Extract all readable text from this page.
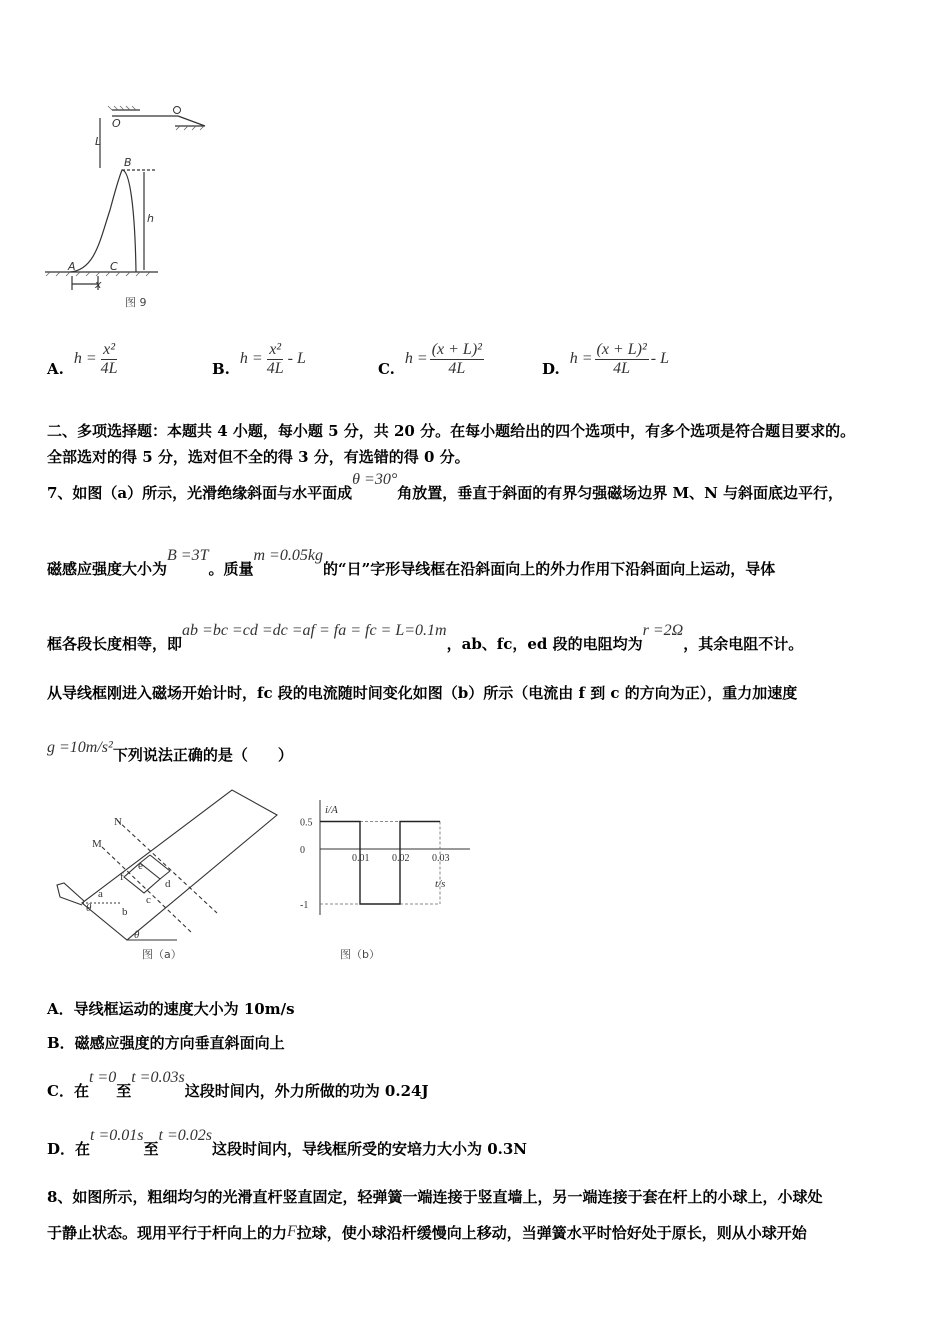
O
L
B
h
A	C
x
图 9
A.
$h = \frac{\text{x²}}{4L}$	B.
$h = \frac{\text{x²}}{4L} - L$
C.
$h = \frac{\text{(x + L)²}}{4L}$	D.
$h = \frac{\text{(x + L)²}}{4L} - L$
二、多项选择题：本题共 4 小题，每小题 5 分，共 20 分。在每小题给出的四个选项中，有多个选项是符合题目要求的。
全部选对的得 5 分，选对但不全的得 3 分，有选错的得 0 分。
7、如图（a）所示，光滑绝缘斜面与水平面成θ =30°角放置，垂直于斜面的有界匀强磁场边界 M、N 与斜面底边平行，
磁感应强度大小为B =3T。质量m =0.05kg的“日”字形导线框在沿斜面向上的外力作用下沿斜面向上运动，导体
框各段长度相等，即ab =bc =cd =dc =af = fa = fc = L=0.1m，ab、fc，ed 段的电阻均为r =2Ω，其余电阻不计。
从导线框刚进入磁场开始计时，fc 段的电流随时间变化如图（b）所示（电流由 f 到 c 的方向为正），重力加速度
g =10m/s²下列说法正确的是（　　）
N
M
e
f
d
a	c
b
θ
θ
图（a）
i/A
t/s
图（b）
0.01 0.02 0.03
0.5
0
-1
A．导线框运动的速度大小为 10m/s
B．磁感应强度的方向垂直斜面向上
C．在t =0至t =0.03s这段时间内，外力所做的功为 0.24J
D．在t =0.01s至t =0.02s这段时间内，导线框所受的安培力大小为 0.3N
8、如图所示，粗细均匀的光滑直杆竖直固定，轻弹簧一端连接于竖直墙上，另一端连接于套在杆上的小球上，小球处
于静止状态。现用平行于杆向上的力F拉球，使小球沿杆缓慢向上移动，当弹簧水平时恰好处于原长，则从小球开始
